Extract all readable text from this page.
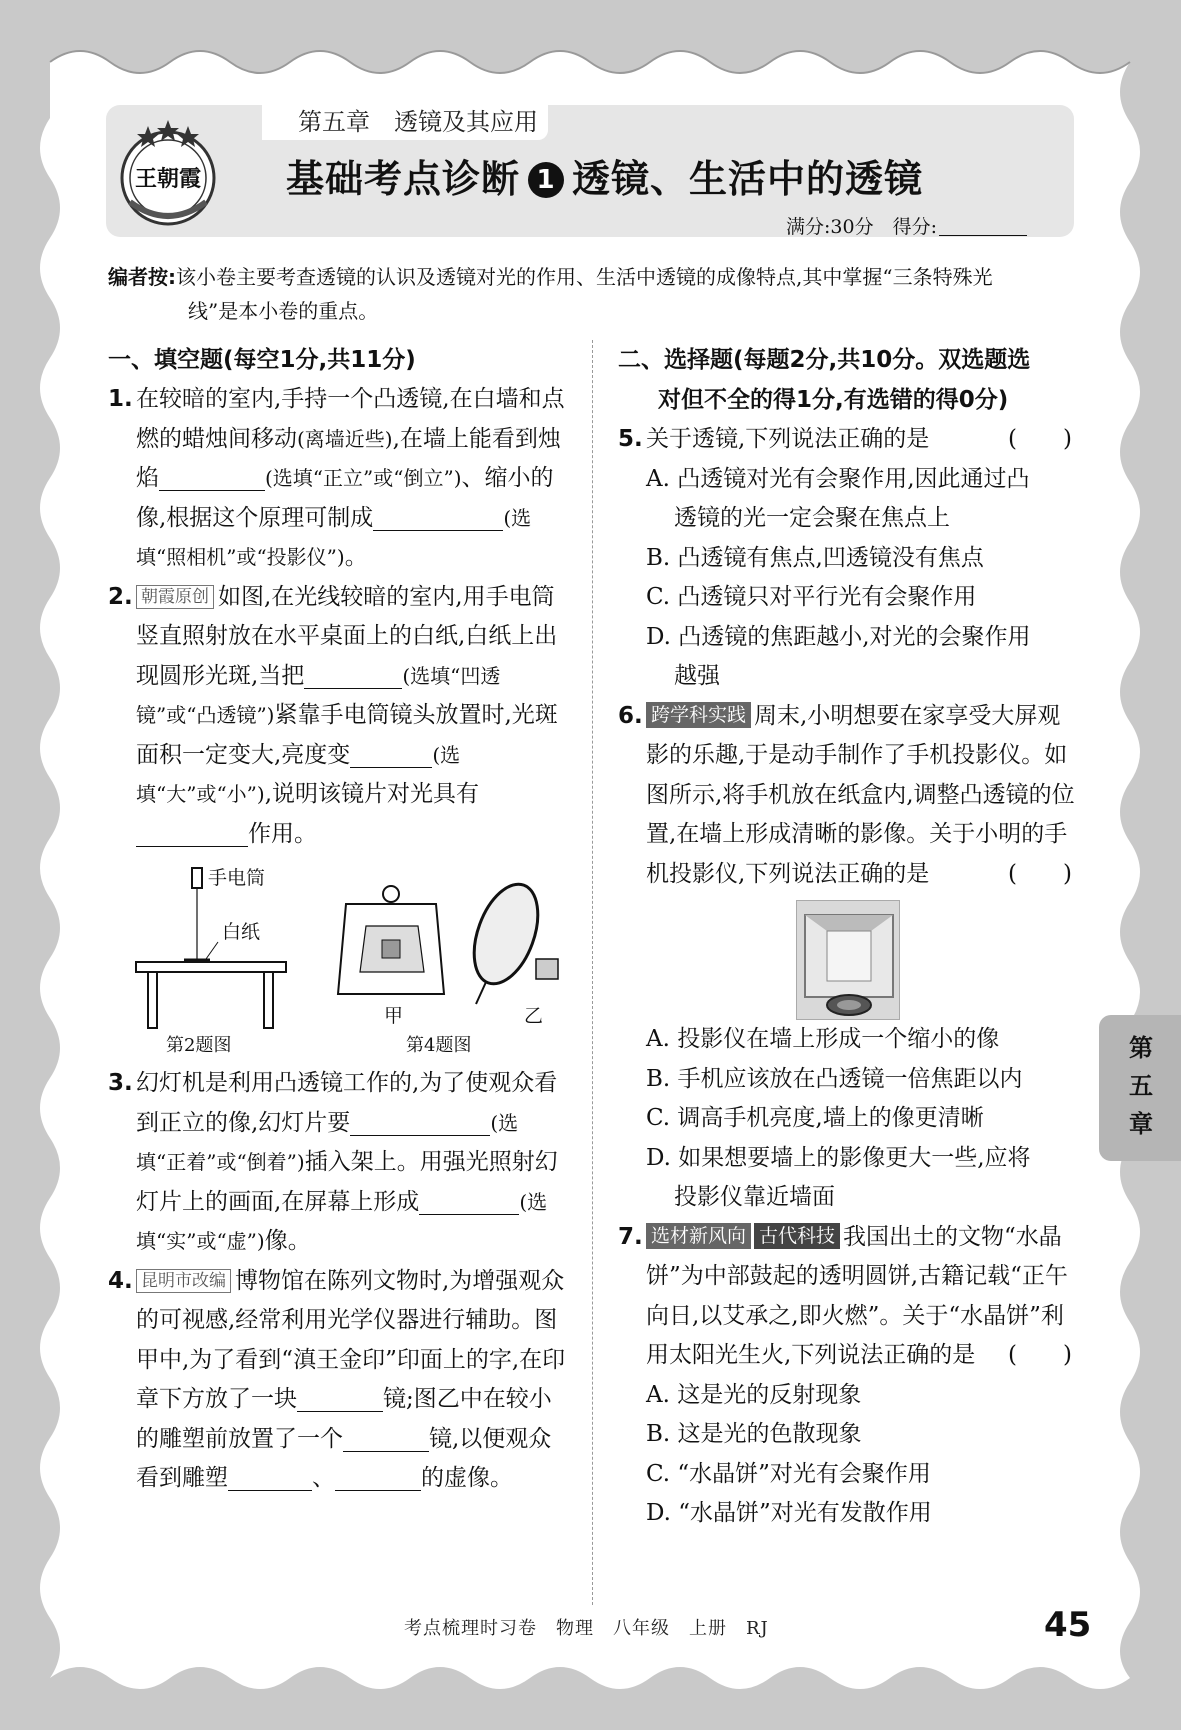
第五章　透镜及其应用
王朝霞 基础考点诊断 1 透镜、生活中的透镜
满分:30分　 得分:
编者按:该小卷主要考查透镜的认识及透镜对光的作用、生活中透镜的成像特点,其中掌握“三条特殊光
线”是本小卷的重点。
一、填空题(每空1分,共11分)
1. 在较暗的室内,手持一个凸透镜,在白墙和点燃的蜡烛间移动(离墙近些),在墙上能看到烛焰	(选填“正立”或“倒立”)、缩小的像,根据这个原理可制成	(选填“照相机”或“投影仪”)。
2. 朝霞原创 如图,在光线较暗的室内,用手电筒竖直照射放在水平桌面上的白纸,白纸上出现圆形光斑,当把	(选填“凹透镜”或“凸透镜”)紧靠手电筒镜头放置时,光斑面积一定变大,亮度变	(选填“大”或“小”),说明该镜片对光具有作用。
手电筒
白纸
甲	乙
第2题图	第4题图
3. 幻灯机是利用凸透镜工作的,为了使观众看到正立的像,幻灯片要	(选填“正着”或“倒着”)插入架上。用强光照射幻灯片上的画面,在屏幕上形成	(选填“实”或“虚”)像。
4. 昆明市改编 博物馆在陈列文物时,为增强观众的可视感,经常利用光学仪器进行辅助。图甲中,为了看到“滇王金印”印面上的字,在印章下方放了一块	镜;图乙中在较小的雕塑前放置了一个	镜,以便观众看到雕塑	、	的虚像。
二、选择题(每题2分,共10分。双选题选
对但不全的得1分,有选错的得0分)
5.	(　　)
关于透镜,下列说法正确的是
A. 凸透镜对光有会聚作用,因此通过凸
透镜的光一定会聚在焦点上
B. 凸透镜有焦点,凹透镜没有焦点
C. 凸透镜只对平行光有会聚作用
D. 凸透镜的焦距越小,对光的会聚作用
越强
6. 跨学科实践 周末,小明想要在家享受大屏观影的乐趣,于是动手制作了手机投影仪。如图所示,将手机放在纸盒内,调整凸透镜的位置,在墙上形成清晰的影像。关于小明的手机投影仪,下列说法正确的是	(　　)
A. 投影仪在墙上形成一个缩小的像
B. 手机应该放在凸透镜一倍焦距以内
C. 调高手机亮度,墙上的像更清晰
D. 如果想要墙上的影像更大一些,应将
投影仪靠近墙面
7. 选材新风向 古代科技 我国出土的文物“水晶饼”为中部鼓起的透明圆饼,古籍记载“正午向日,以艾承之,即火燃”。关于“水晶饼”利用太阳光生火,下列说法正确的是 (　　)
A. 这是光的反射现象
B. 这是光的色散现象
C. “水晶饼”对光有会聚作用
D. “水晶饼”对光有发散作用
第五章
考点梳理时习卷　物理　八年级　上册　RJ	45
